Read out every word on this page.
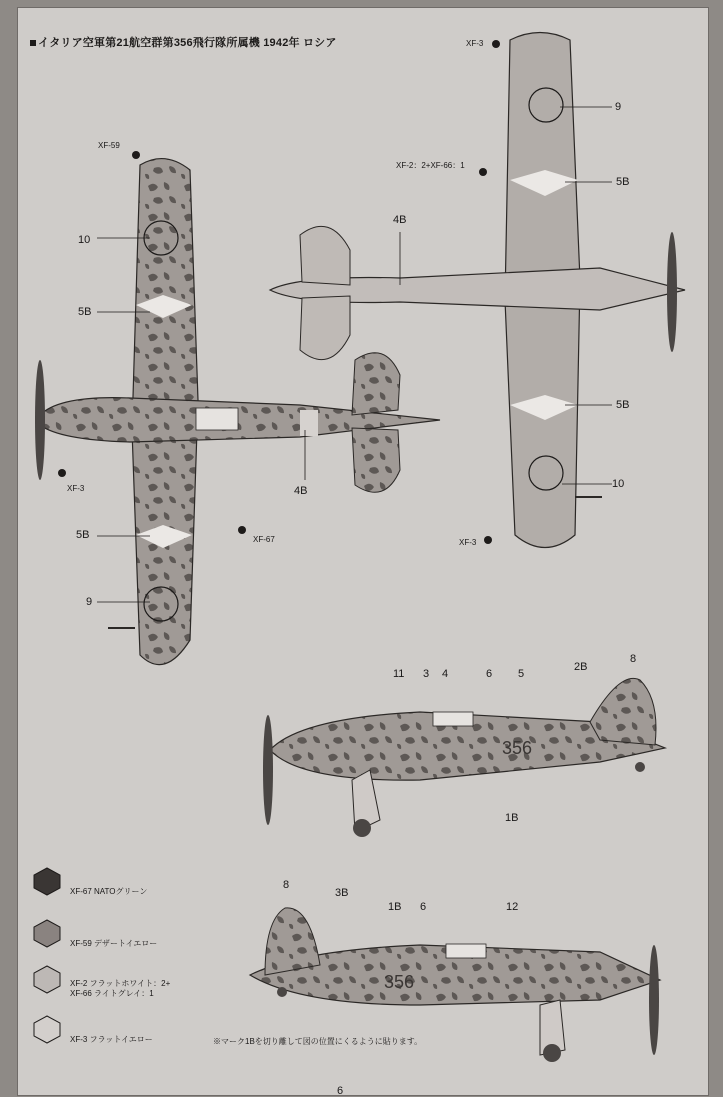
イタリア空軍第21航空群第356飛行隊所属機 1942年 ロシア
XF-59
10
5B
XF-3	4B
XF-67
5B
9
XF-3
9
XF-2：2+XF-66：1
4B
5B
5B
10
XF-3
11 3 4	6 5
2B
8
1B
356
8
3B
1B 6	12
356
XF-67 NATOグリーン
XF-59 デザートイエロー
XF-2 フラットホワイト：2+
XF-66 ライトグレイ：1
XF-3 フラットイエロー	※マーク1Bを切り離して図の位置にくるように貼ります。
6
